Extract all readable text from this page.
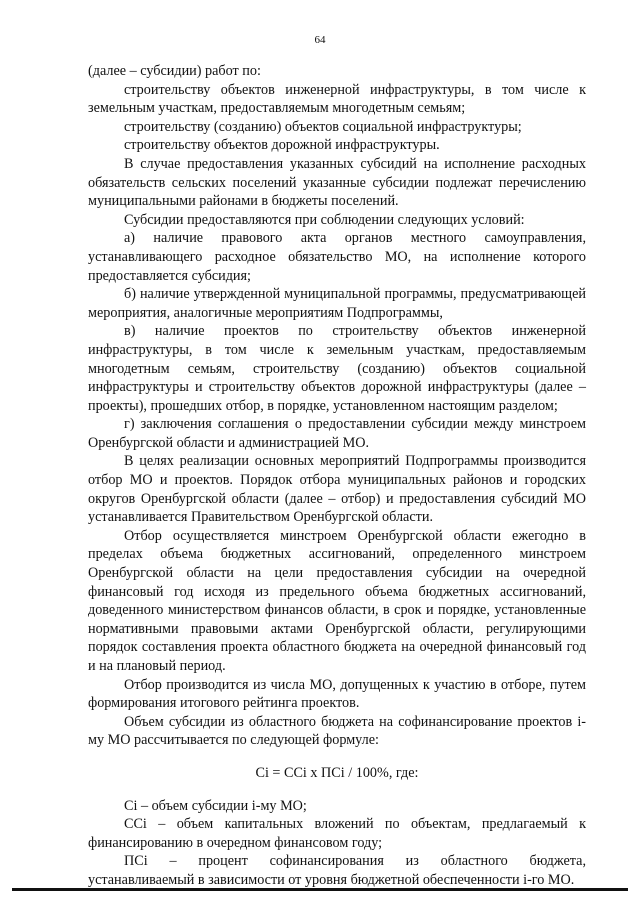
64

(далее – субсидии) работ по:

строительству объектов инженерной инфраструктуры, в том числе к земельным участкам, предоставляемым многодетным семьям;

строительству (созданию) объектов социальной инфраструктуры;

строительству объектов дорожной инфраструктуры.

В случае предоставления указанных субсидий на исполнение расходных обязательств сельских поселений указанные субсидии подлежат перечислению муниципальными районами в бюджеты поселений.

Субсидии предоставляются при соблюдении следующих условий:

а) наличие правового акта органов местного самоуправления, устанавливающего расходное обязательство МО, на исполнение которого предоставляется субсидия;

б) наличие утвержденной муниципальной программы, предусматривающей мероприятия, аналогичные мероприятиям Подпрограммы,

в) наличие проектов по строительству объектов инженерной инфраструктуры, в том числе к земельным участкам, предоставляемым многодетным семьям, строительству (созданию) объектов социальной инфраструктуры и строительству объектов дорожной инфраструктуры (далее – проекты), прошедших отбор, в порядке, установленном настоящим разделом;

г) заключения соглашения о предоставлении субсидии между минстроем Оренбургской области и администрацией МО.

В целях реализации основных мероприятий Подпрограммы производится отбор МО и проектов. Порядок отбора муниципальных районов и городских округов Оренбургской области (далее – отбор) и предоставления субсидий МО устанавливается Правительством Оренбургской области.

Отбор осуществляется минстроем Оренбургской области ежегодно в пределах объема бюджетных ассигнований, определенного минстроем Оренбургской области на цели предоставления субсидии на очередной финансовый год исходя из предельного объема бюджетных ассигнований, доведенного министерством финансов области, в срок и порядке, установленные нормативными правовыми актами Оренбургской области, регулирующими порядок составления проекта областного бюджета на очередной финансовый год и на плановый период.

Отбор производится из числа МО, допущенных к участию в отборе, путем формирования итогового рейтинга проектов.

Объем субсидии из областного бюджета на софинансирование проектов i-му МО рассчитывается по следующей формуле:

Ci = CCi х ПCi / 100%, где:

Ci – объем субсидии i-му МО;

CCi – объем капитальных вложений по объектам, предлагаемый к финансированию в очередном финансовом году;

ПCi – процент софинансирования из областного бюджета, устанавливаемый в зависимости от уровня бюджетной обеспеченности i-го МО.
